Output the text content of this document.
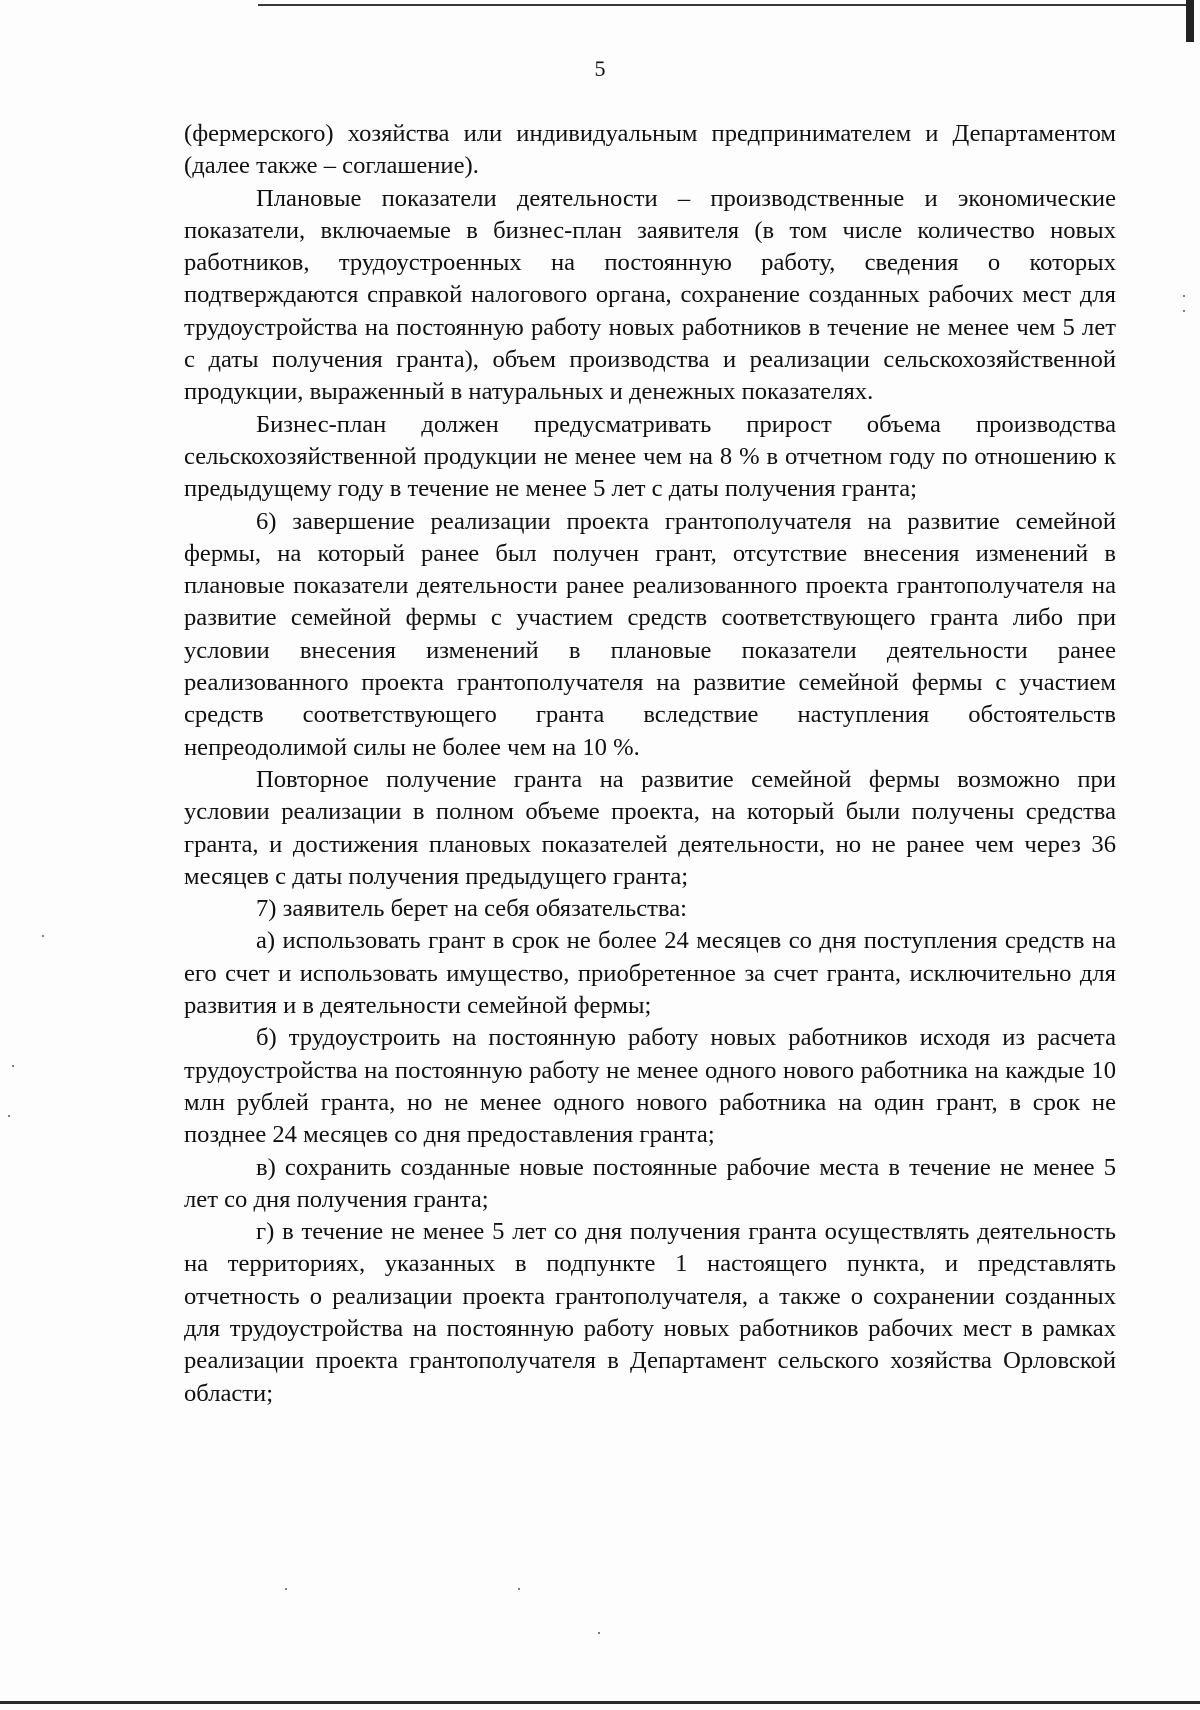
5

(фермерского) хозяйства или индивидуальным предпринимателем и Департаментом (далее также – соглашение).

Плановые показатели деятельности – производственные и экономические показатели, включаемые в бизнес-план заявителя (в том числе количество новых работников, трудоустроенных на постоянную работу, сведения о которых подтверждаются справкой налогового органа, сохранение созданных рабочих мест для трудоустройства на постоянную работу новых работников в течение не менее чем 5 лет с даты получения гранта), объем производства и реализации сельскохозяйственной продукции, выраженный в натуральных и денежных показателях.

Бизнес-план должен предусматривать прирост объема производства сельскохозяйственной продукции не менее чем на 8 % в отчетном году по отношению к предыдущему году в течение не менее 5 лет с даты получения гранта;

6) завершение реализации проекта грантополучателя на развитие семейной фермы, на который ранее был получен грант, отсутствие внесения изменений в плановые показатели деятельности ранее реализованного проекта грантополучателя на развитие семейной фермы с участием средств соответствующего гранта либо при условии внесения изменений в плановые показатели деятельности ранее реализованного проекта грантополучателя на развитие семейной фермы с участием средств соответствующего гранта вследствие наступления обстоятельств непреодолимой силы не более чем на 10 %.

Повторное получение гранта на развитие семейной фермы возможно при условии реализации в полном объеме проекта, на который были получены средства гранта, и достижения плановых показателей деятельности, но не ранее чем через 36 месяцев с даты получения предыдущего гранта;

7) заявитель берет на себя обязательства:

а) использовать грант в срок не более 24 месяцев со дня поступления средств на его счет и использовать имущество, приобретенное за счет гранта, исключительно для развития и в деятельности семейной фермы;

б) трудоустроить на постоянную работу новых работников исходя из расчета трудоустройства на постоянную работу не менее одного нового работника на каждые 10 млн рублей гранта, но не менее одного нового работника на один грант, в срок не позднее 24 месяцев со дня предоставления гранта;

в) сохранить созданные новые постоянные рабочие места в течение не менее 5 лет со дня получения гранта;

г) в течение не менее 5 лет со дня получения гранта осуществлять деятельность на территориях, указанных в подпункте 1 настоящего пункта, и представлять отчетность о реализации проекта грантополучателя, а также о сохранении созданных для трудоустройства на постоянную работу новых работников рабочих мест в рамках реализации проекта грантополучателя в Департамент сельского хозяйства Орловской области;
